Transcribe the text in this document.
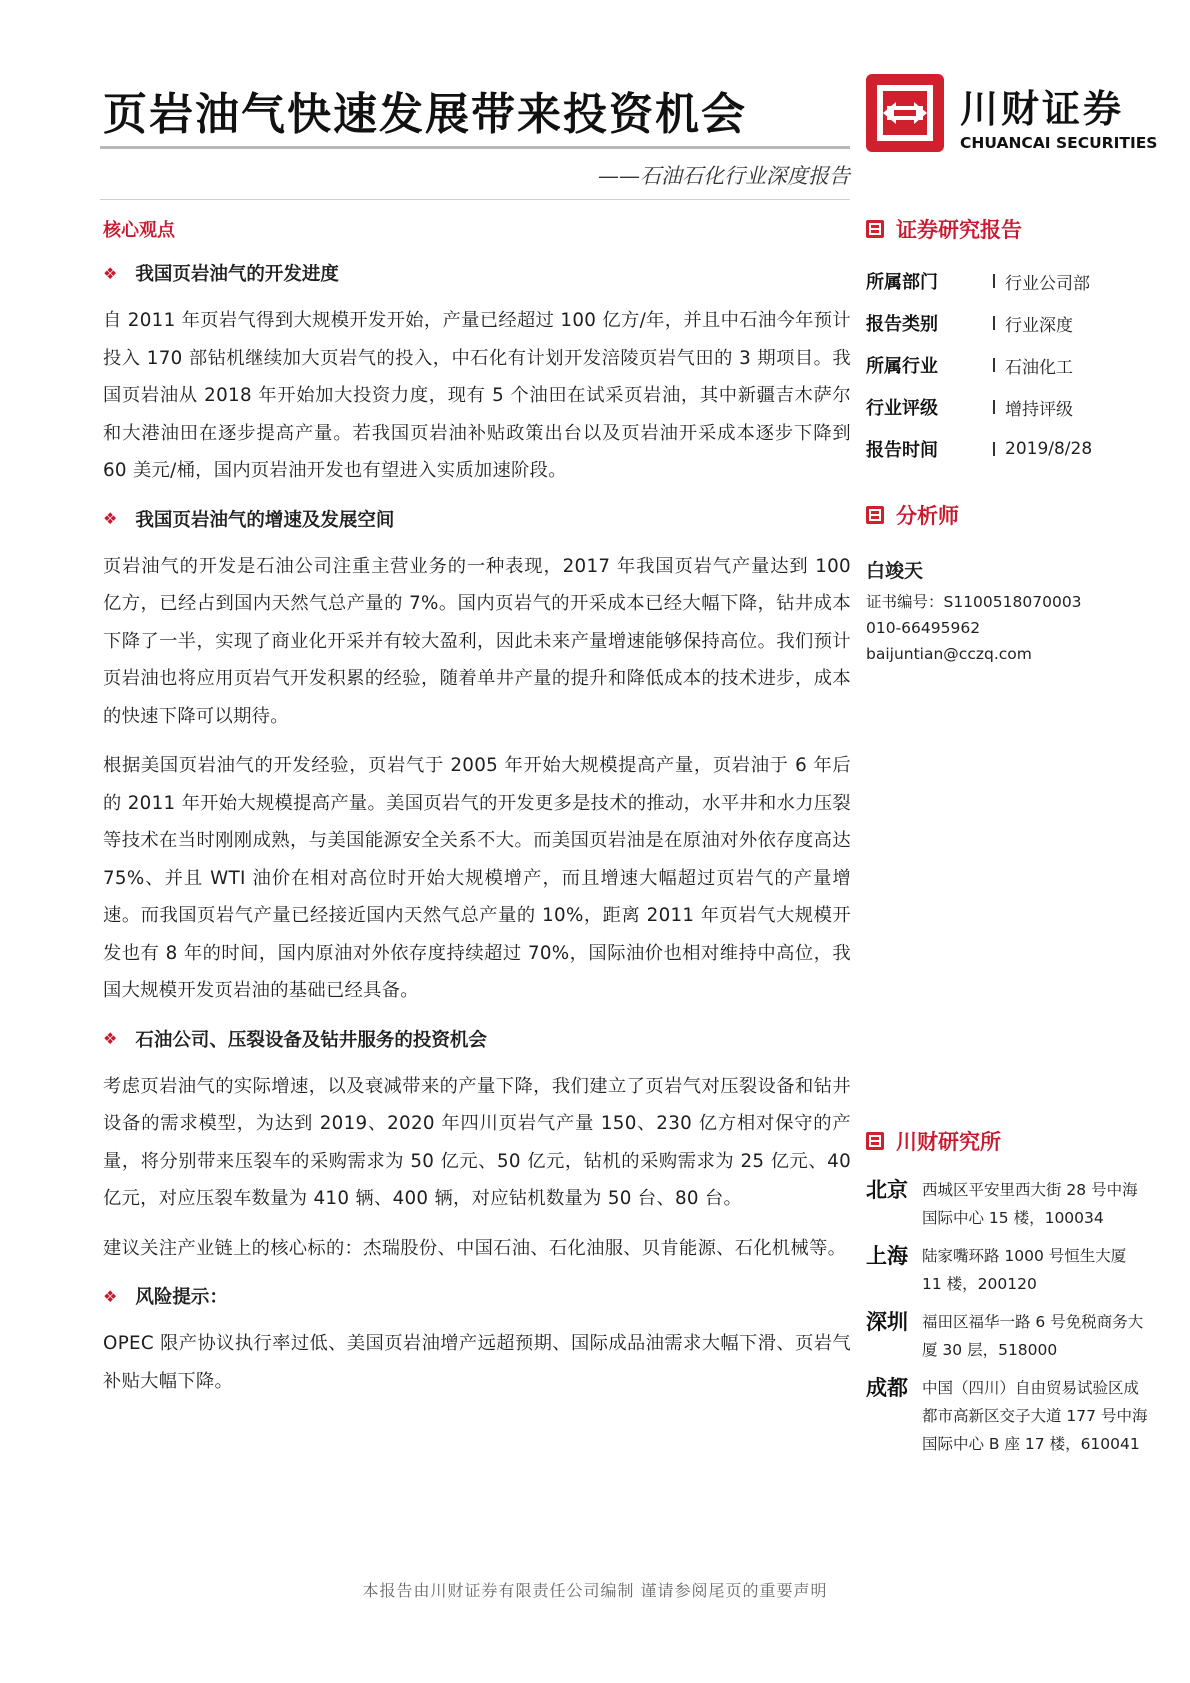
页岩油气快速发展带来投资机会	川财证券
CHUANCAI SECURITIES
——石油石化行业深度报告
核心观点
❖ 我国页岩油气的开发进度

自 2011 年页岩气得到大规模开发开始，产量已经超过 100 亿方/年，并且中石油今年预计投入 170 部钻机继续加大页岩气的投入，中石化有计划开发涪陵页岩气田的 3 期项目。我国页岩油从 2018 年开始加大投资力度，现有 5 个油田在试采页岩油，其中新疆吉木萨尔和大港油田在逐步提高产量。若我国页岩油补贴政策出台以及页岩油开采成本逐步下降到 60 美元/桶，国内页岩油开发也有望进入实质加速阶段。

❖ 我国页岩油气的增速及发展空间

页岩油气的开发是石油公司注重主营业务的一种表现，2017 年我国页岩气产量达到 100 亿方，已经占到国内天然气总产量的 7%。国内页岩气的开采成本已经大幅下降，钻井成本下降了一半，实现了商业化开采并有较大盈利，因此未来产量增速能够保持高位。我们预计页岩油也将应用页岩气开发积累的经验，随着单井产量的提升和降低成本的技术进步，成本的快速下降可以期待。

根据美国页岩油气的开发经验，页岩气于 2005 年开始大规模提高产量，页岩油于 6 年后的 2011 年开始大规模提高产量。美国页岩气的开发更多是技术的推动，水平井和水力压裂等技术在当时刚刚成熟，与美国能源安全关系不大。而美国页岩油是在原油对外依存度高达 75%、并且 WTI 油价在相对高位时开始大规模增产，而且增速大幅超过页岩气的产量增速。而我国页岩气产量已经接近国内天然气总产量的 10%，距离 2011 年页岩气大规模开发也有 8 年的时间，国内原油对外依存度持续超过 70%，国际油价也相对维持中高位，我国大规模开发页岩油的基础已经具备。

❖ 石油公司、压裂设备及钻井服务的投资机会

考虑页岩油气的实际增速，以及衰减带来的产量下降，我们建立了页岩气对压裂设备和钻井设备的需求模型，为达到 2019、2020 年四川页岩气产量 150、230 亿方相对保守的产量，将分别带来压裂车的采购需求为 50 亿元、50 亿元，钻机的采购需求为 25 亿元、40 亿元，对应压裂车数量为 410 辆、400 辆，对应钻机数量为 50 台、80 台。

建议关注产业链上的核心标的：杰瑞股份、中国石油、石化油服、贝肯能源、石化机械等。

❖ 风险提示：

OPEC 限产协议执行率过低、美国页岩油增产远超预期、国际成品油需求大幅下滑、页岩气补贴大幅下降。

证券研究报告
所属部门	行业公司部
报告类别	行业深度
所属行业	石油化工
行业评级	增持评级
报告时间	2019/8/28
分析师
白竣天
证书编号：S1100518070003
010-66495962
baijuntian@cczq.com
川财研究所
北京 西城区平安里西大街 28 号中海国际中心 15 楼，100034
上海 陆家嘴环路 1000 号恒生大厦 11 楼，200120
深圳 福田区福华一路 6 号免税商务大厦 30 层，518000
成都 中国（四川）自由贸易试验区成都市高新区交子大道 177 号中海国际中心 B 座 17 楼，610041
本报告由川财证券有限责任公司编制 谨请参阅尾页的重要声明
